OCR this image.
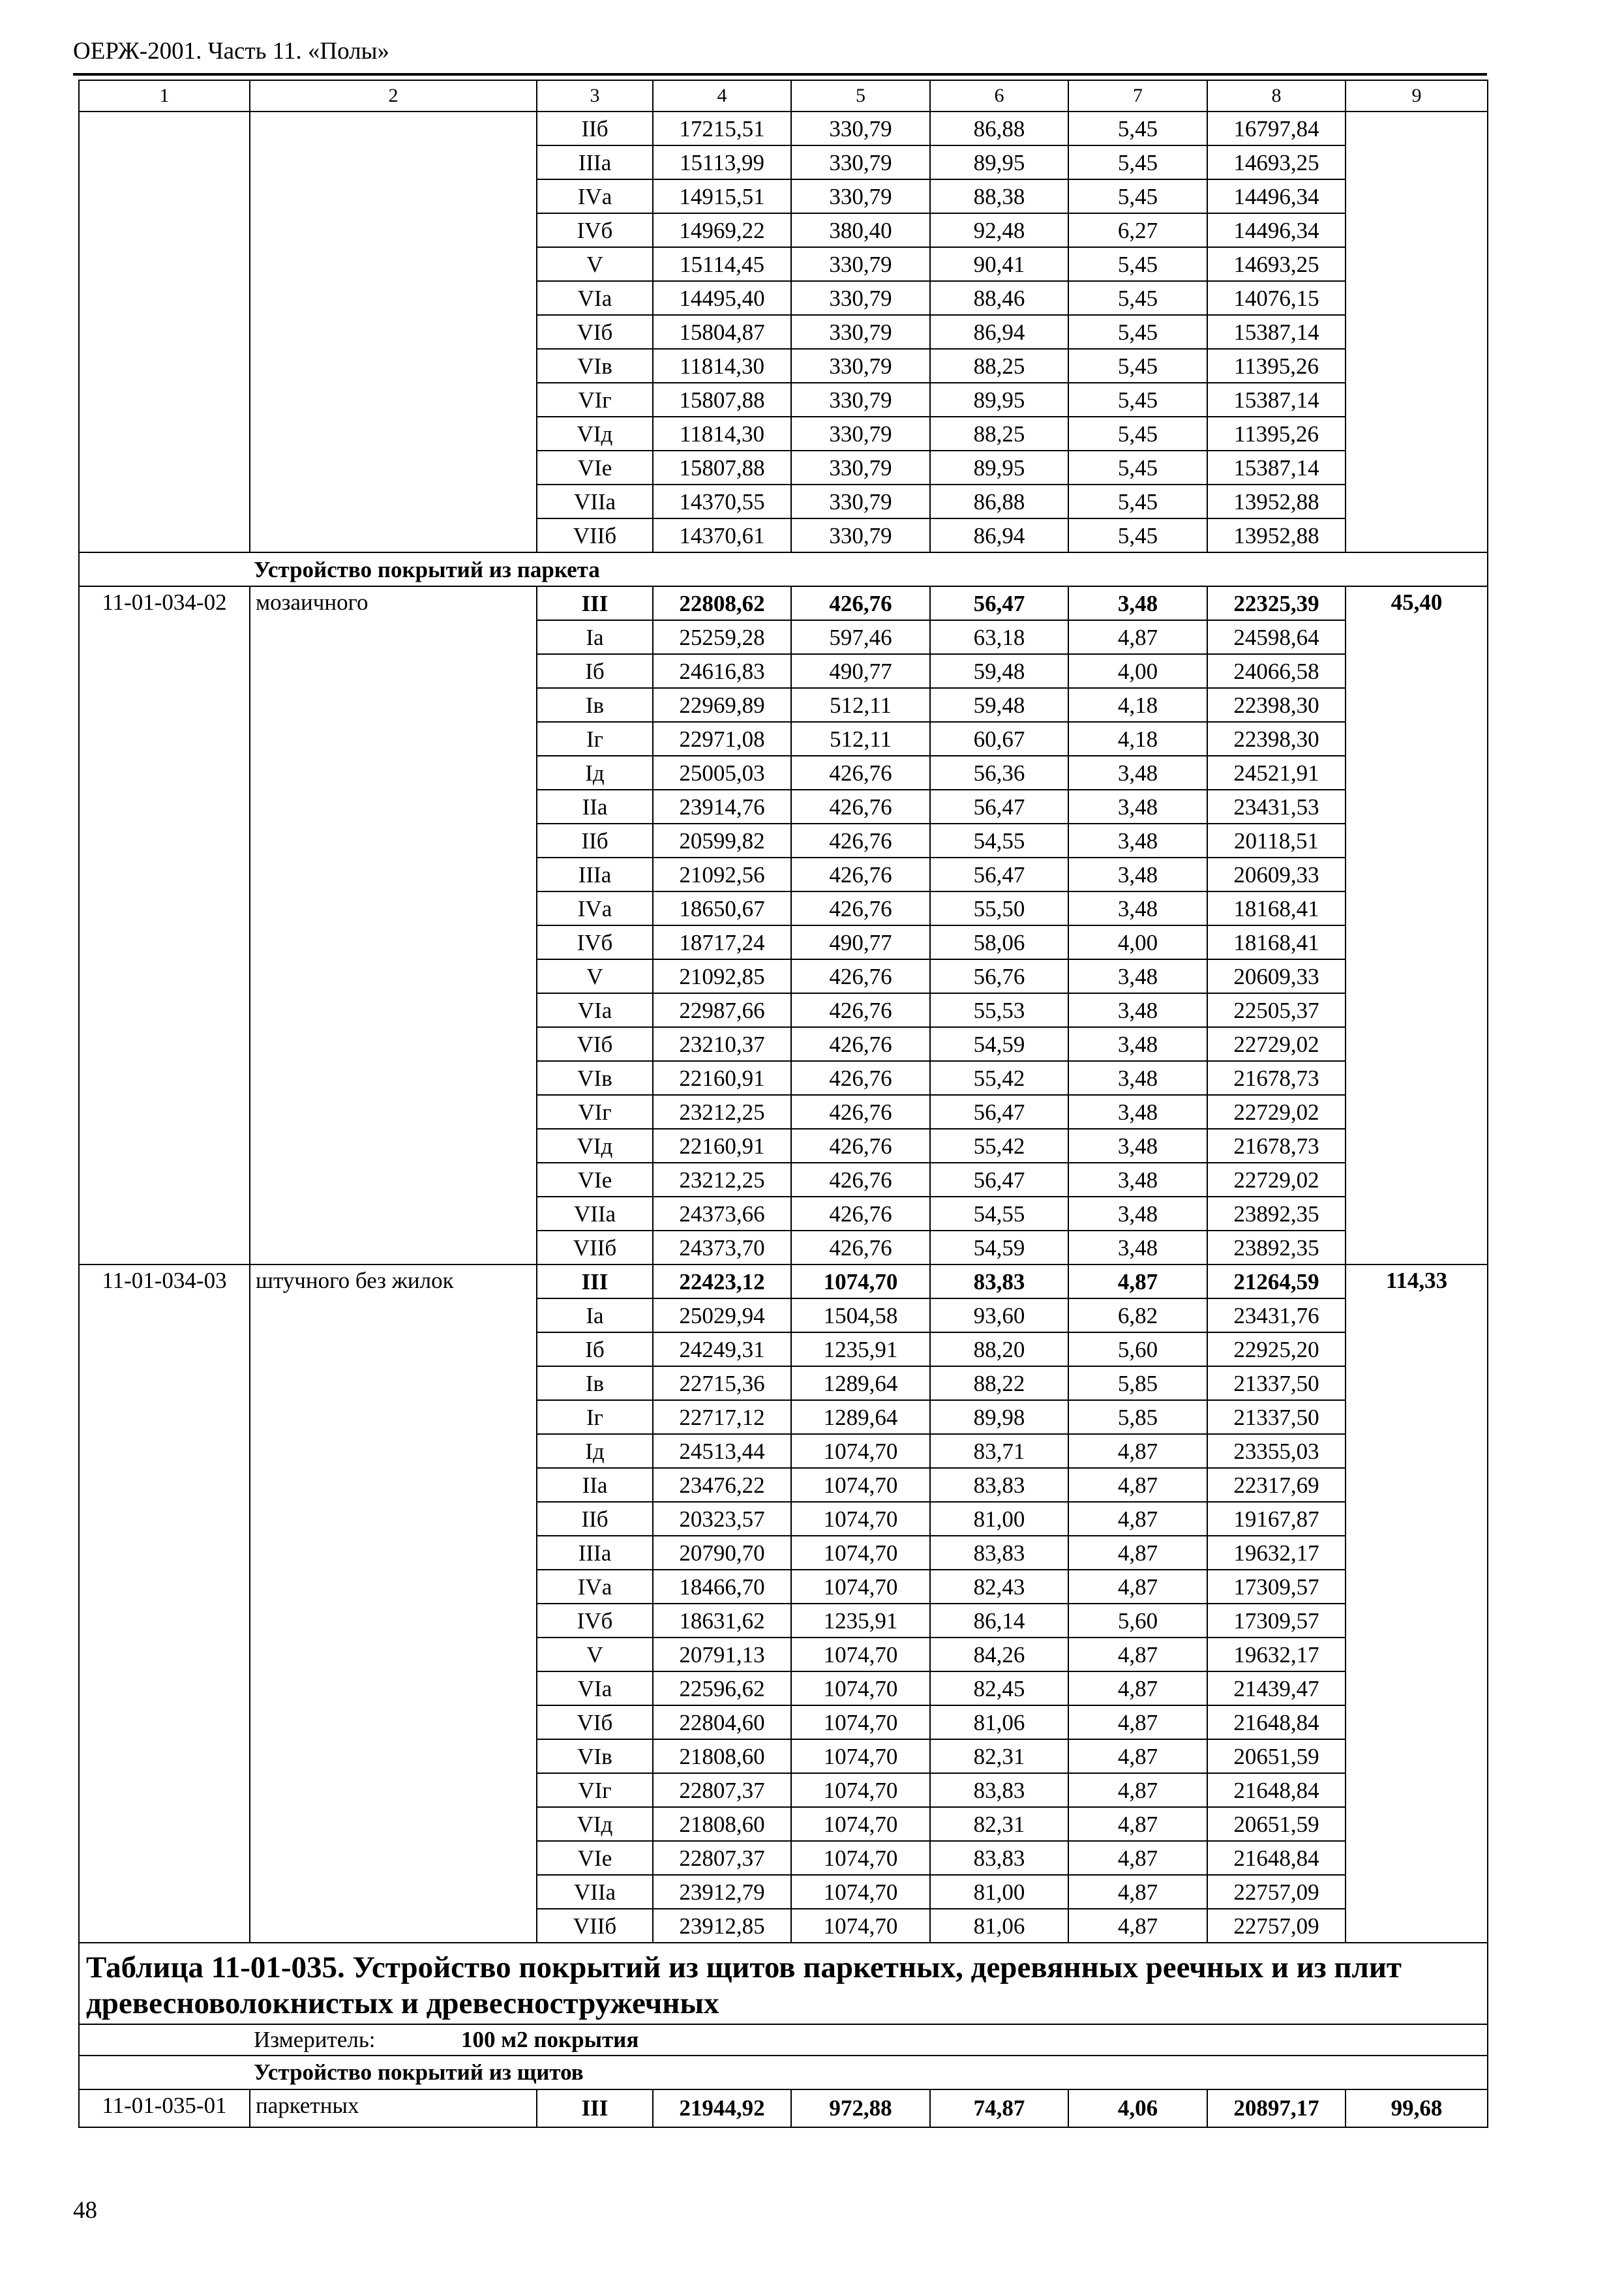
ОЕРЖ-2001. Часть 11. «Полы»
1	2	3	4	5	6	7	8	9
		IIб	17215,51	330,79	86,88	5,45	16797,84	
		IIIа	15113,99	330,79	89,95	5,45	14693,25	
		IVа	14915,51	330,79	88,38	5,45	14496,34	
		IVб	14969,22	380,40	92,48	6,27	14496,34	
		V	15114,45	330,79	90,41	5,45	14693,25	
		VIа	14495,40	330,79	88,46	5,45	14076,15	
		VIб	15804,87	330,79	86,94	5,45	15387,14	
		VIв	11814,30	330,79	88,25	5,45	11395,26	
		VIг	15807,88	330,79	89,95	5,45	15387,14	
		VIд	11814,30	330,79	88,25	5,45	11395,26	
		VIе	15807,88	330,79	89,95	5,45	15387,14	
		VIIа	14370,55	330,79	86,88	5,45	13952,88	
		VIIб	14370,61	330,79	86,94	5,45	13952,88	
Устройство покрытий из паркета								
11-01-034-02	мозаичного	III	22808,62	426,76	56,47	3,48	22325,39	45,40
		Iа	25259,28	597,46	63,18	4,87	24598,64	
		Iб	24616,83	490,77	59,48	4,00	24066,58	
		Iв	22969,89	512,11	59,48	4,18	22398,30	
		Iг	22971,08	512,11	60,67	4,18	22398,30	
		Iд	25005,03	426,76	56,36	3,48	24521,91	
		IIа	23914,76	426,76	56,47	3,48	23431,53	
		IIб	20599,82	426,76	54,55	3,48	20118,51	
		IIIа	21092,56	426,76	56,47	3,48	20609,33	
		IVа	18650,67	426,76	55,50	3,48	18168,41	
		IVб	18717,24	490,77	58,06	4,00	18168,41	
		V	21092,85	426,76	56,76	3,48	20609,33	
		VIа	22987,66	426,76	55,53	3,48	22505,37	
		VIб	23210,37	426,76	54,59	3,48	22729,02	
		VIв	22160,91	426,76	55,42	3,48	21678,73	
		VIг	23212,25	426,76	56,47	3,48	22729,02	
		VIд	22160,91	426,76	55,42	3,48	21678,73	
		VIе	23212,25	426,76	56,47	3,48	22729,02	
		VIIа	24373,66	426,76	54,55	3,48	23892,35	
		VIIб	24373,70	426,76	54,59	3,48	23892,35	
11-01-034-03	штучного без жилок	III	22423,12	1074,70	83,83	4,87	21264,59	114,33
		Iа	25029,94	1504,58	93,60	6,82	23431,76	
		Iб	24249,31	1235,91	88,20	5,60	22925,20	
		Iв	22715,36	1289,64	88,22	5,85	21337,50	
		Iг	22717,12	1289,64	89,98	5,85	21337,50	
		Iд	24513,44	1074,70	83,71	4,87	23355,03	
		IIа	23476,22	1074,70	83,83	4,87	22317,69	
		IIб	20323,57	1074,70	81,00	4,87	19167,87	
		IIIа	20790,70	1074,70	83,83	4,87	19632,17	
		IVа	18466,70	1074,70	82,43	4,87	17309,57	
		IVб	18631,62	1235,91	86,14	5,60	17309,57	
		V	20791,13	1074,70	84,26	4,87	19632,17	
		VIа	22596,62	1074,70	82,45	4,87	21439,47	
		VIб	22804,60	1074,70	81,06	4,87	21648,84	
		VIв	21808,60	1074,70	82,31	4,87	20651,59	
		VIг	22807,37	1074,70	83,83	4,87	21648,84	
		VIд	21808,60	1074,70	82,31	4,87	20651,59	
		VIе	22807,37	1074,70	83,83	4,87	21648,84	
		VIIа	23912,79	1074,70	81,00	4,87	22757,09	
		VIIб	23912,85	1074,70	81,06	4,87	22757,09	
Таблица 11-01-035. Устройство покрытий из щитов паркетных, деревянных реечных и из плит древесноволокнистых и древесностружечных								
Измеритель: 100 м2 покрытия								
Устройство покрытий из щитов								
11-01-035-01	паркетных	III	21944,92	972,88	74,87	4,06	20897,17	99,68
48
